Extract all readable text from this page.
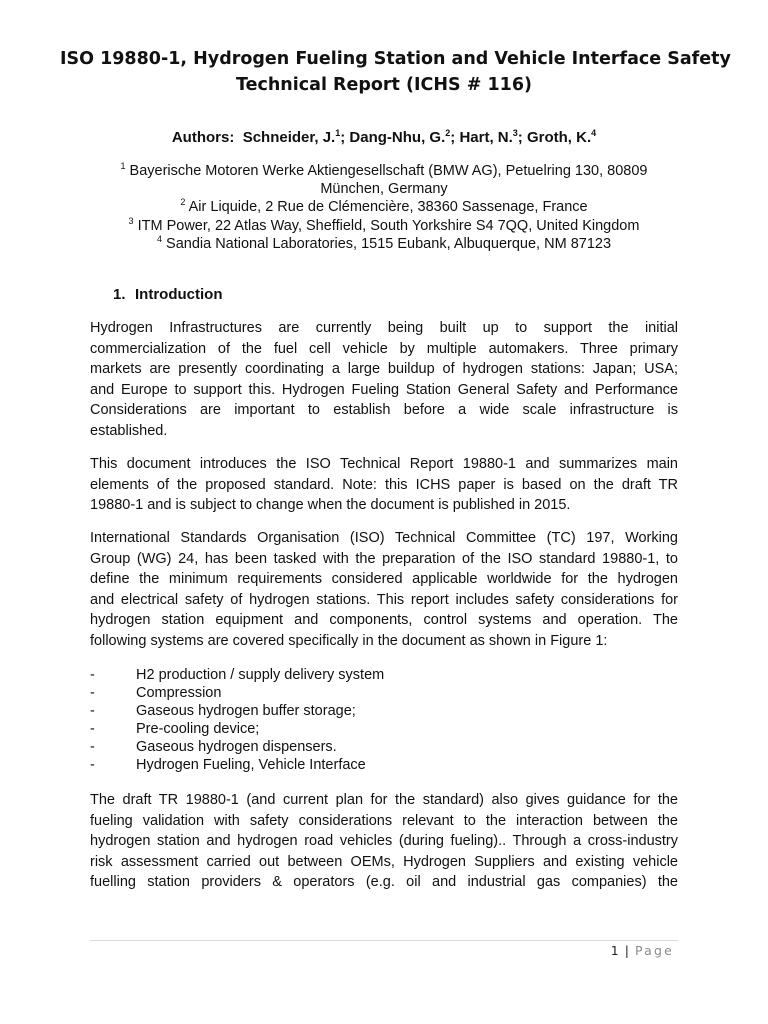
ISO 19880-1, Hydrogen Fueling Station and Vehicle Interface Safety
Technical Report (ICHS # 116)
Authors: Schneider, J.$^1$; Dang-Nhu, G.$^2$; Hart, N.$^3$; Groth, K.$^4$
$^1$ Bayerische Motoren Werke Aktiengesellschaft (BMW AG), Petuelring 130, 80809
München, Germany
$^2$ Air Liquide, 2 Rue de Clémencière, 38360 Sassenage, France
$^3$ ITM Power, 22 Atlas Way, Sheffield, South Yorkshire S4 7QQ, United Kingdom
$^4$ Sandia National Laboratories, 1515 Eubank, Albuquerque, NM 87123
1. Introduction
Hydrogen Infrastructures are currently being built up to support the initial
commercialization of the fuel cell vehicle by multiple automakers. Three primary
markets are presently coordinating a large buildup of hydrogen stations: Japan; USA;
and Europe to support this. Hydrogen Fueling Station General Safety and Performance
Considerations are important to establish before a wide scale infrastructure is
established.
This document introduces the ISO Technical Report 19880-1 and summarizes main
elements of the proposed standard. Note: this ICHS paper is based on the draft TR
19880-1 and is subject to change when the document is published in 2015.
International Standards Organisation (ISO) Technical Committee (TC) 197, Working
Group (WG) 24, has been tasked with the preparation of the ISO standard 19880-1, to
define the minimum requirements considered applicable worldwide for the hydrogen
and electrical safety of hydrogen stations. This report includes safety considerations for
hydrogen station equipment and components, control systems and operation. The
following systems are covered specifically in the document as shown in Figure 1:
-	H2 production / supply delivery system
-	Compression
-	Gaseous hydrogen buffer storage;
-	Pre-cooling device;
-	Gaseous hydrogen dispensers.
-	Hydrogen Fueling, Vehicle Interface
The draft TR 19880-1 (and current plan for the standard) also gives guidance for the
fueling validation with safety considerations relevant to the interaction between the
hydrogen station and hydrogen road vehicles (during fueling).. Through a cross-industry
risk assessment carried out between OEMs, Hydrogen Suppliers and existing vehicle
fuelling station providers & operators (e.g. oil and industrial gas companies) the
1 | Page
